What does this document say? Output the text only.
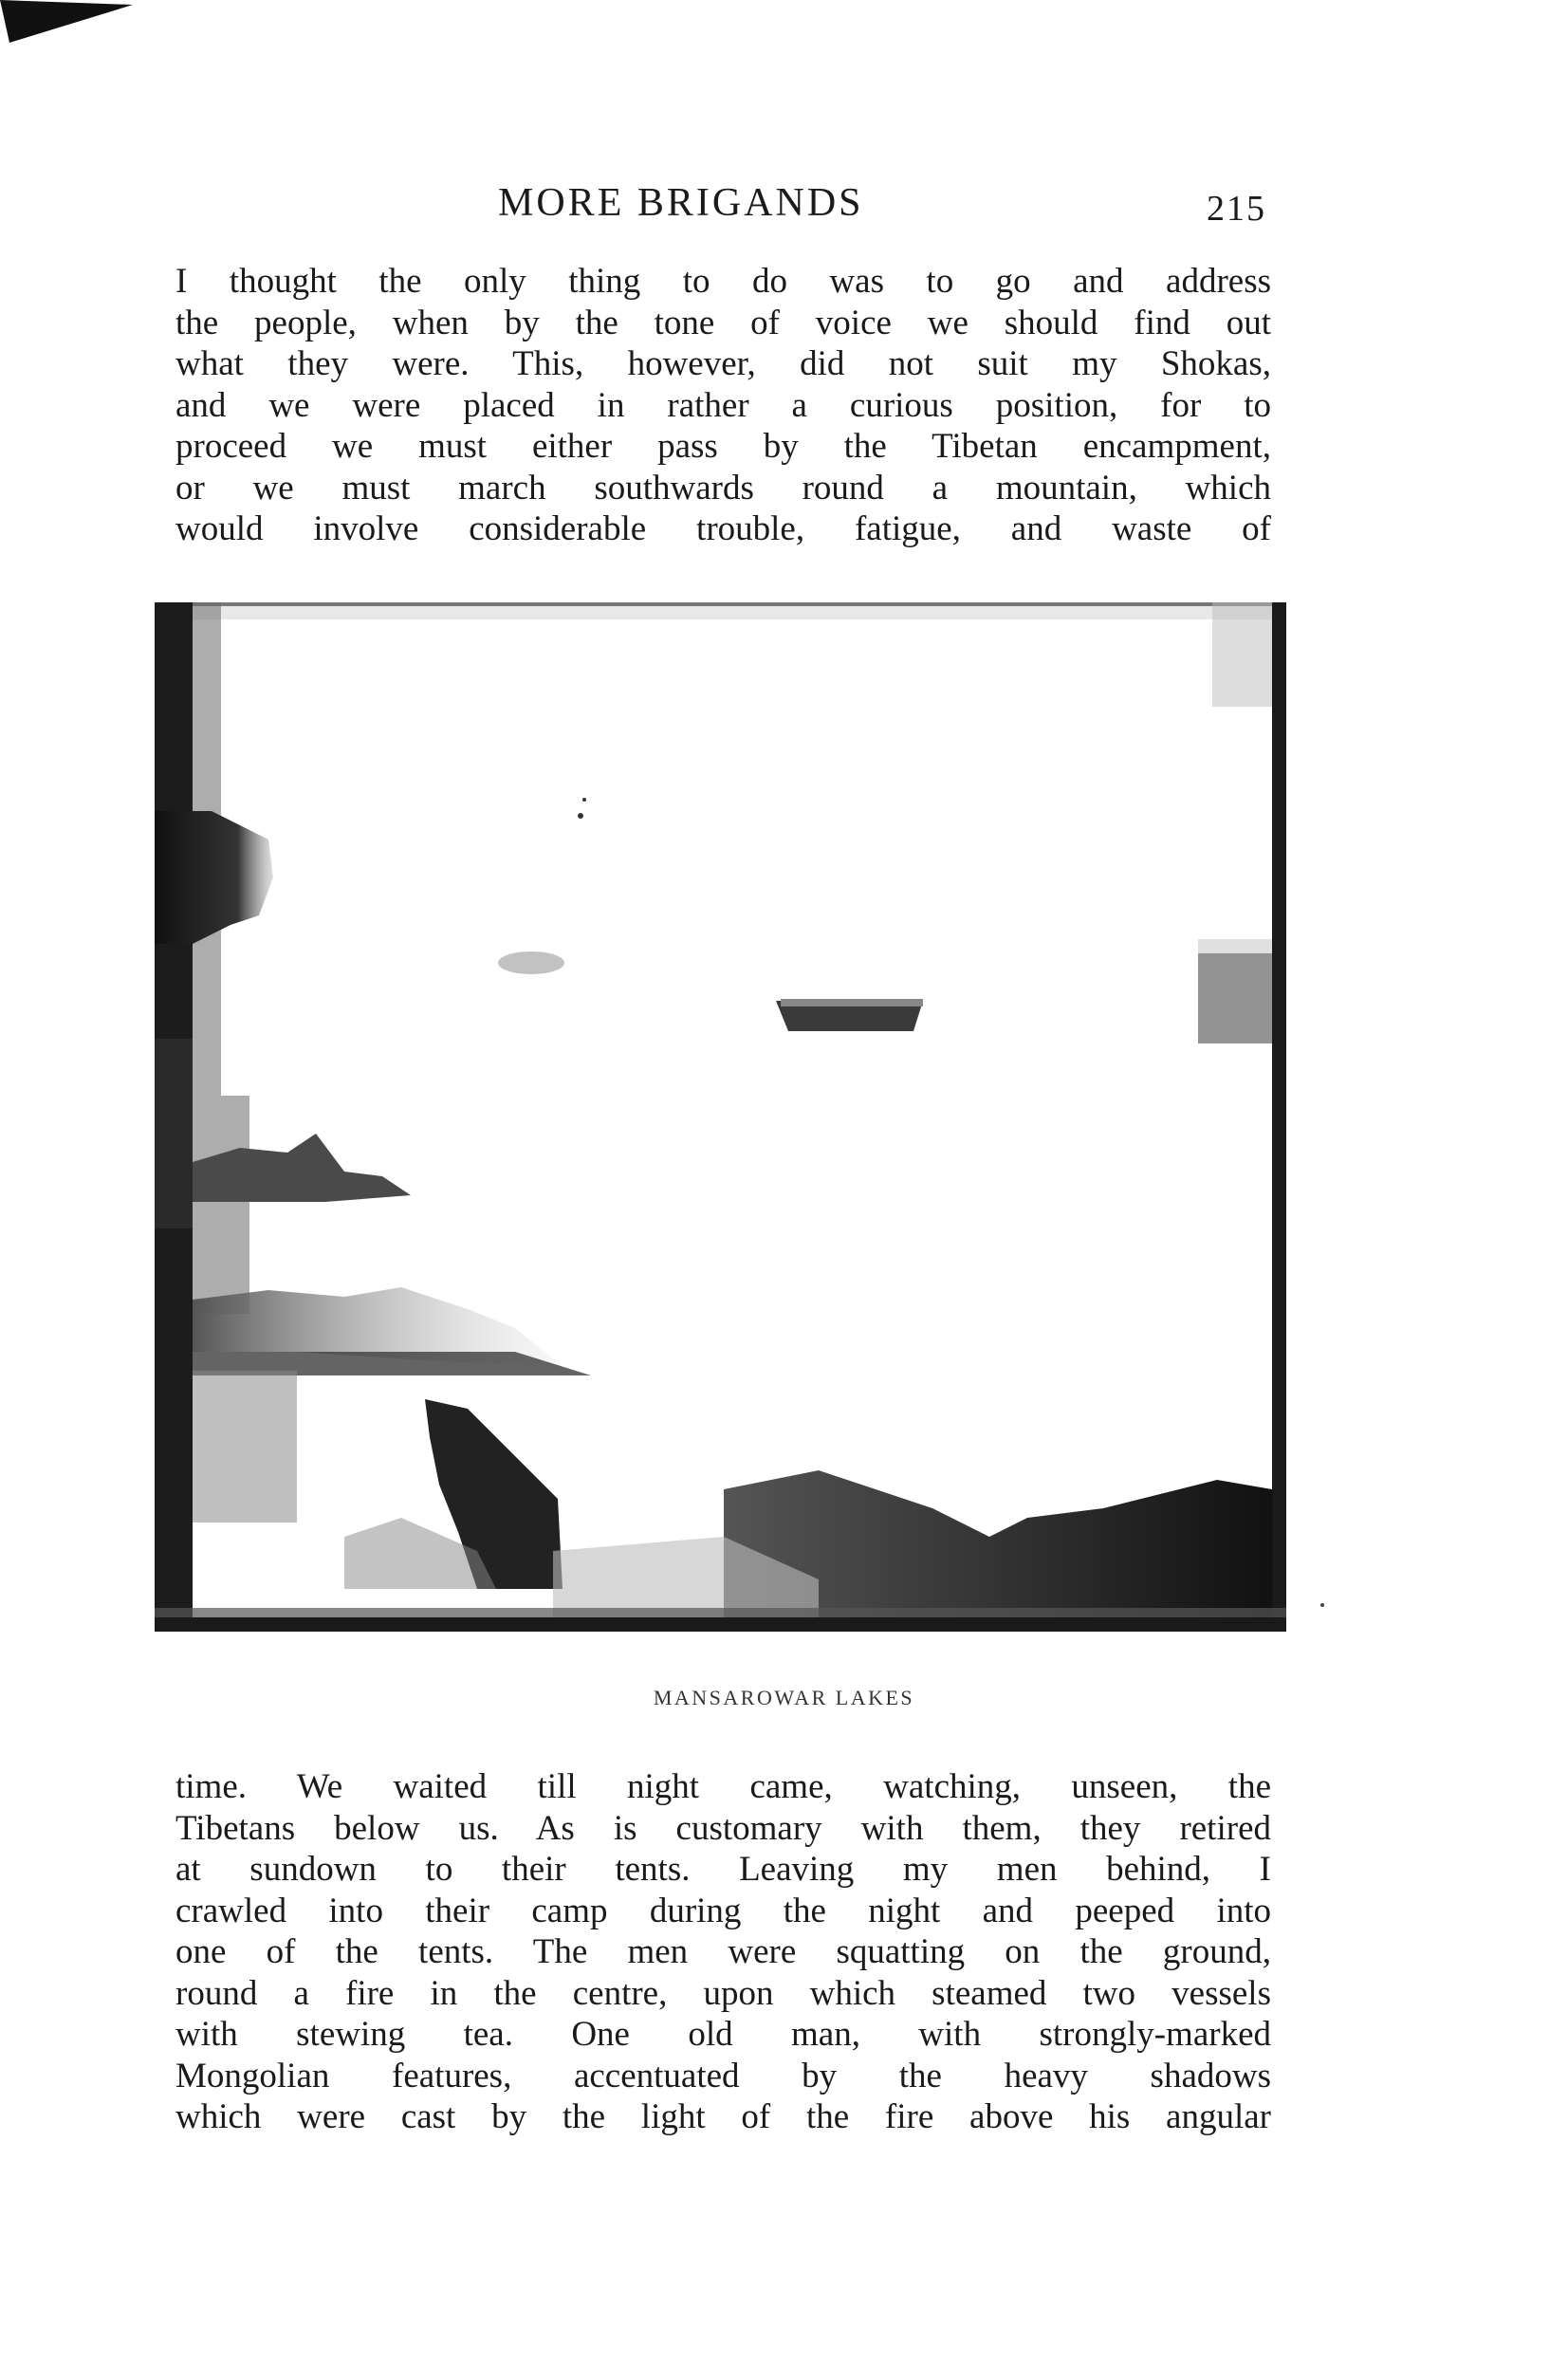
MORE BRIGANDS	215
I thought the only thing to do was to go and address
the people, when by the tone of voice we should find out
what they were. This, however, did not suit my Shokas,
and we were placed in rather a curious position, for to
proceed we must either pass by the Tibetan encampment,
or we must march southwards round a mountain, which
would involve considerable trouble, fatigue, and waste of
MANSAROWAR LAKES
time. We waited till night came, watching, unseen, the
Tibetans below us. As is customary with them, they retired
at sundown to their tents. Leaving my men behind, I
crawled into their camp during the night and peeped into
one of the tents. The men were squatting on the ground,
round a fire in the centre, upon which steamed two vessels
with stewing tea. One old man, with strongly-marked
Mongolian features, accentuated by the heavy shadows
which were cast by the light of the fire above his angular
